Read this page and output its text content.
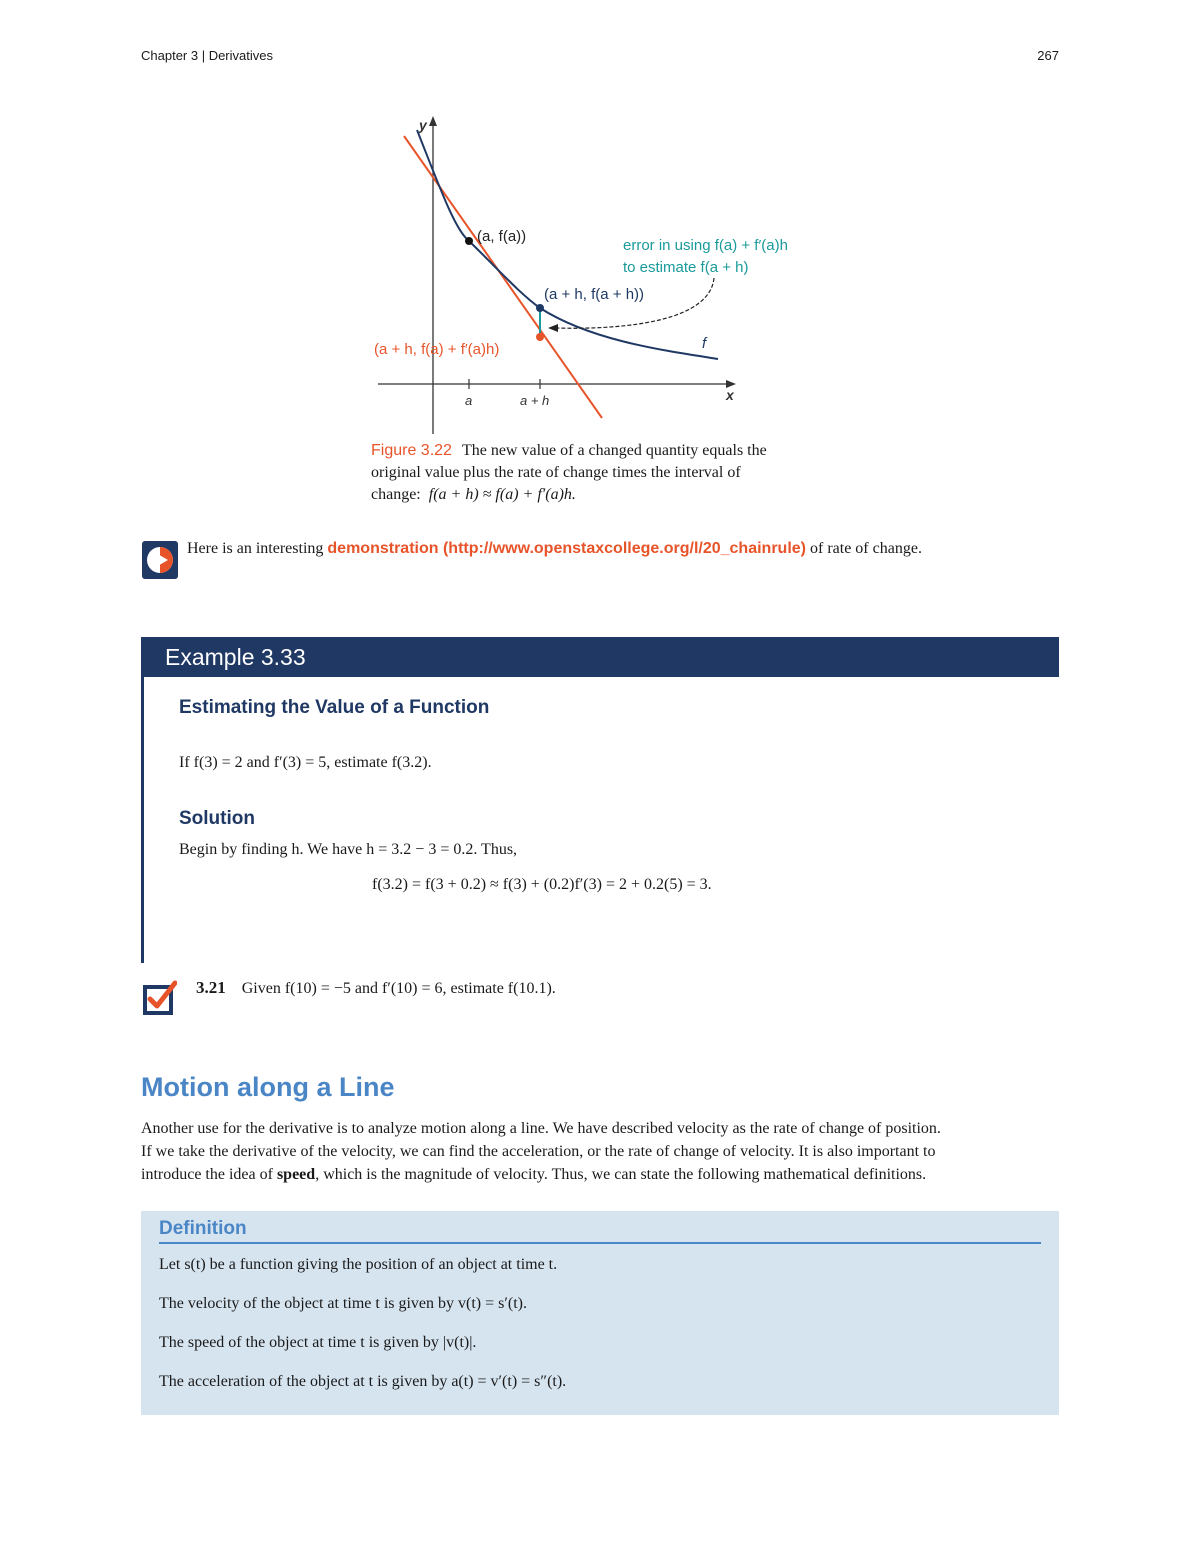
Chapter 3 | Derivatives	267
y
x
a	a + h
(a, f(a))
(a + h, f(a + h))
(a + h, f(a) + f′(a)h)
error in using f(a) + f′(a)h
to estimate f(a + h)
f
Figure 3.22 The new value of a changed quantity equals the
original value plus the rate of change times the interval of
change: f(a + h) ≈ f(a) + f′(a)h.
Here is an interesting demonstration (http://www.openstaxcollege.org/l/20_chainrule) of rate of change.
Example 3.33
Estimating the Value of a Function
If f(3) = 2 and f′(3) = 5, estimate f(3.2).
Solution
Begin by finding h. We have h = 3.2 − 3 = 0.2. Thus,
f(3.2) = f(3 + 0.2) ≈ f(3) + (0.2)f′(3) = 2 + 0.2(5) = 3.
3.21 Given f(10) = −5 and f′(10) = 6, estimate f(10.1).
Motion along a Line

Another use for the derivative is to analyze motion along a line. We have described velocity as the rate of change of position.

If we take the derivative of the velocity, we can find the acceleration, or the rate of change of velocity. It is also important to

introduce the idea of speed, which is the magnitude of velocity. Thus, we can state the following mathematical definitions.

Definition
Let s(t) be a function giving the position of an object at time t.
The velocity of the object at time t is given by v(t) = s′(t).
The speed of the object at time t is given by |v(t)|.
The acceleration of the object at t is given by a(t) = v′(t) = s″(t).
